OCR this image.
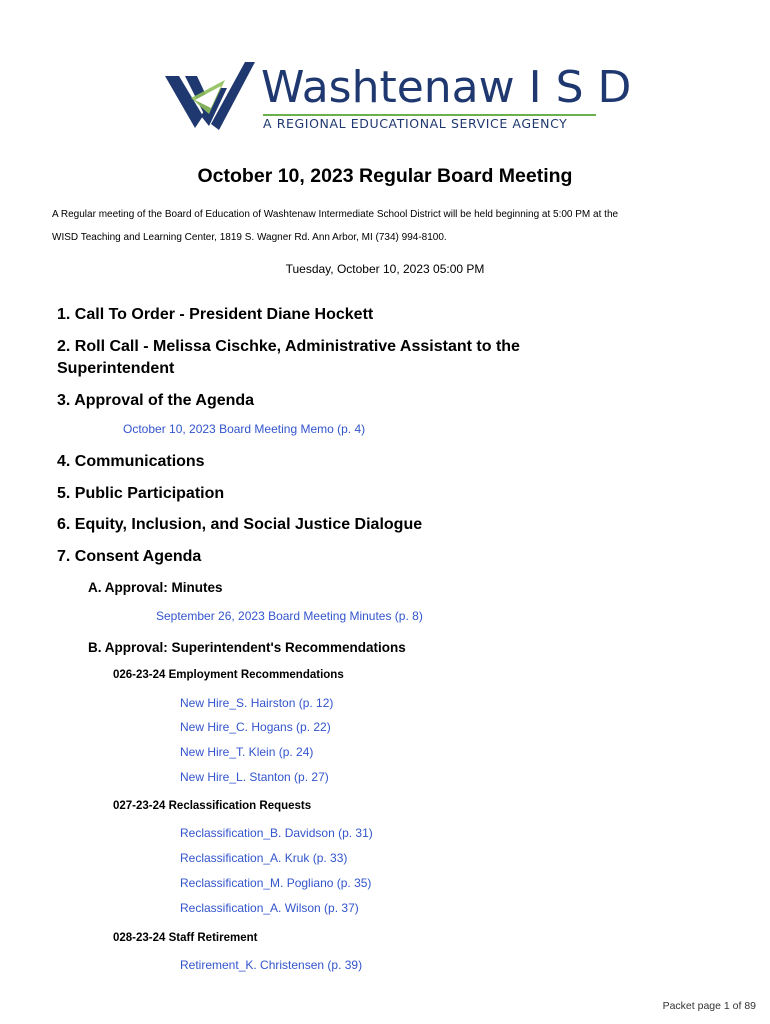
Washtenaw I S D
A REGIONAL EDUCATIONAL SERVICE AGENCY
October 10, 2023 Regular Board Meeting
A Regular meeting of the Board of Education of Washtenaw Intermediate School District will be held beginning at 5:00 PM at the
WISD Teaching and Learning Center, 1819 S. Wagner Rd. Ann Arbor, MI (734) 994-8100.
Tuesday, October 10, 2023 05:00 PM
1. Call To Order - President Diane Hockett
2. Roll Call - Melissa Cischke, Administrative Assistant to the
Superintendent
3. Approval of the Agenda
October 10, 2023 Board Meeting Memo (p. 4)
4. Communications
5. Public Participation
6. Equity, Inclusion, and Social Justice Dialogue
7. Consent Agenda
A. Approval: Minutes
September 26, 2023 Board Meeting Minutes (p. 8)
B. Approval: Superintendent's Recommendations
026-23-24 Employment Recommendations
New Hire_S. Hairston (p. 12)
New Hire_C. Hogans (p. 22)
New Hire_T. Klein (p. 24)
New Hire_L. Stanton (p. 27)
027-23-24 Reclassification Requests
Reclassification_B. Davidson (p. 31)
Reclassification_A. Kruk (p. 33)
Reclassification_M. Pogliano (p. 35)
Reclassification_A. Wilson (p. 37)
028-23-24 Staff Retirement
Retirement_K. Christensen (p. 39)
Packet page 1 of 89
